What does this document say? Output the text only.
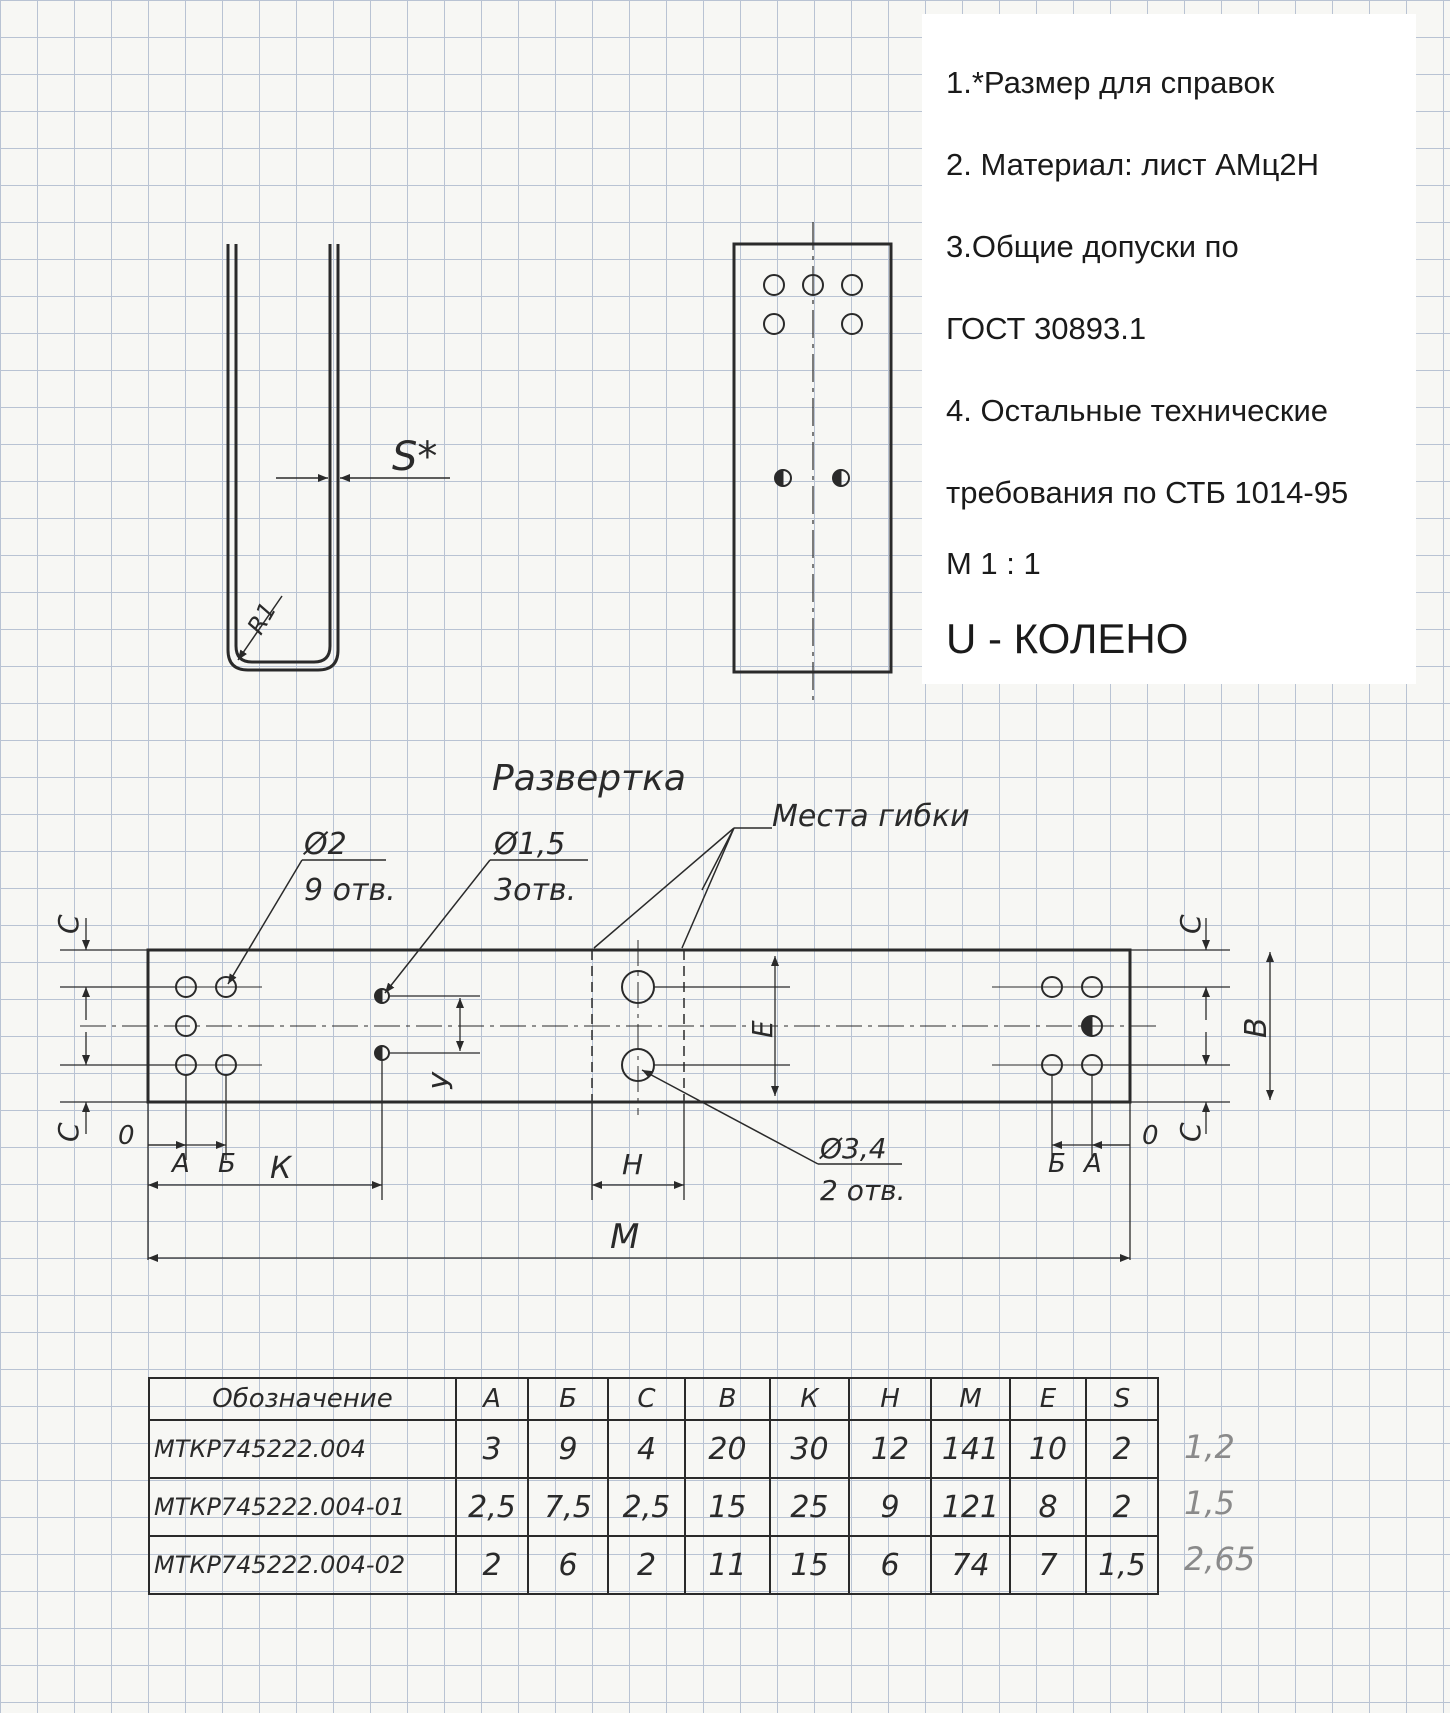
S*
R1
Развертка
Места гибки
Ø2
9 отв.
Ø1,5
3отв.
Ø3,4
2 отв.
С
С
С
С
В
Е
У
0	0
А Б К	Б А
Н
М
1.*Размер для справок
2. Материал: лист АМц2Н
3.Общие допуски по
ГОСТ 30893.1
4. Остальные технические
требования по СТБ 1014-95
М 1 : 1
U - КОЛЕНО
Обозначение	А	Б	С	В	К	Н	М	Е	S
МТКР745222.004	3	9	4	20	30	12	141	10	2
МТКР745222.004-01	2,5	7,5	2,5	15	25	9	121	8	2
МТКР745222.004-02	2	6	2	11	15	6	74	7	1,5
1,2
1,5
2,65
